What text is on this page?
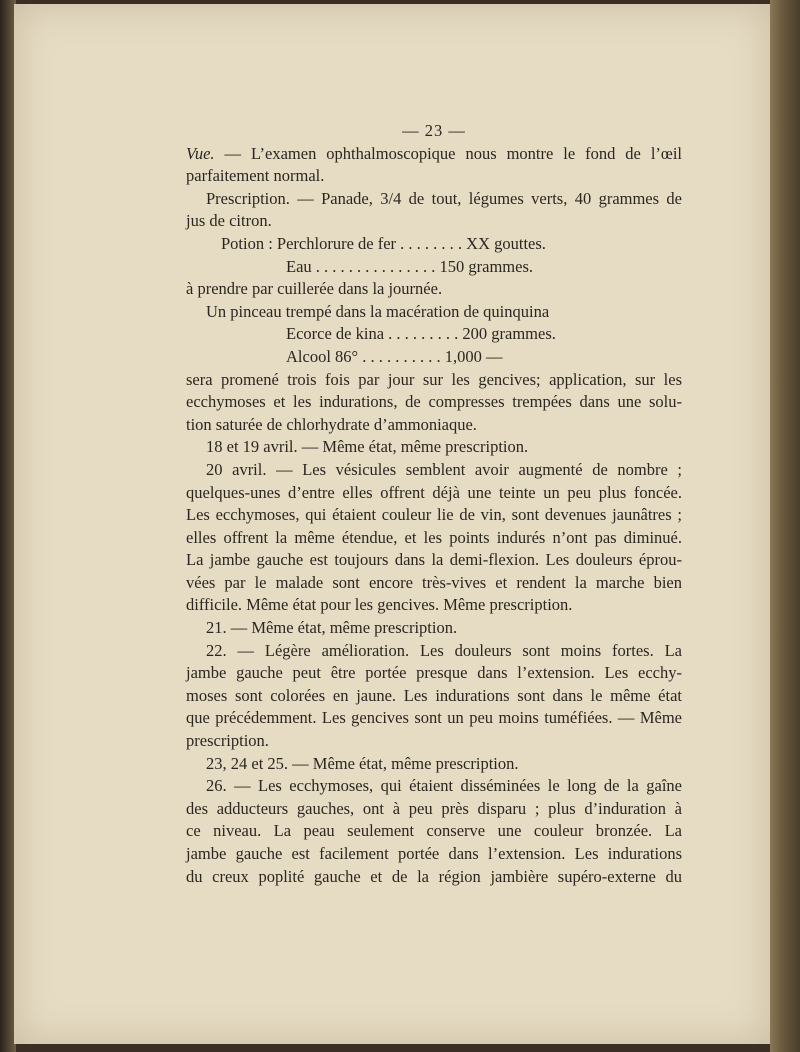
— 23 —
Vue. — L’examen ophthalmoscopique nous montre le fond de l’œil
parfaitement normal.
Prescription. — Panade, 3/4 de tout, légumes verts, 40 grammes de
jus de citron.
Potion : Perchlorure de fer . . . . . . . . XX gouttes.
Eau . . . . . . . . . . . . . . . 150 grammes.
à prendre par cuillerée dans la journée.
Un pinceau trempé dans la macération de quinquina
Ecorce de kina . . . . . . . . . 200 grammes.
Alcool 86° . . . . . . . . . . 1,000 —
sera promené trois fois par jour sur les gencives; application, sur les
ecchymoses et les indurations, de compresses trempées dans une solu-
tion saturée de chlorhydrate d’ammoniaque.
18 et 19 avril. — Même état, même prescription.
20 avril. — Les vésicules semblent avoir augmenté de nombre ;
quelques-unes d’entre elles offrent déjà une teinte un peu plus foncée.
Les ecchymoses, qui étaient couleur lie de vin, sont devenues jaunâtres ;
elles offrent la même étendue, et les points indurés n’ont pas diminué.
La jambe gauche est toujours dans la demi-flexion. Les douleurs éprou-
vées par le malade sont encore très-vives et rendent la marche bien
difficile. Même état pour les gencives. Même prescription.
21. — Même état, même prescription.
22. — Légère amélioration. Les douleurs sont moins fortes. La
jambe gauche peut être portée presque dans l’extension. Les ecchy-
moses sont colorées en jaune. Les indurations sont dans le même état
que précédemment. Les gencives sont un peu moins tuméfiées. — Même
prescription.
23, 24 et 25. — Même état, même prescription.
26. — Les ecchymoses, qui étaient disséminées le long de la gaîne
des adducteurs gauches, ont à peu près disparu ; plus d’induration à
ce niveau. La peau seulement conserve une couleur bronzée. La
jambe gauche est facilement portée dans l’extension. Les indurations
du creux poplité gauche et de la région jambière supéro-externe du
